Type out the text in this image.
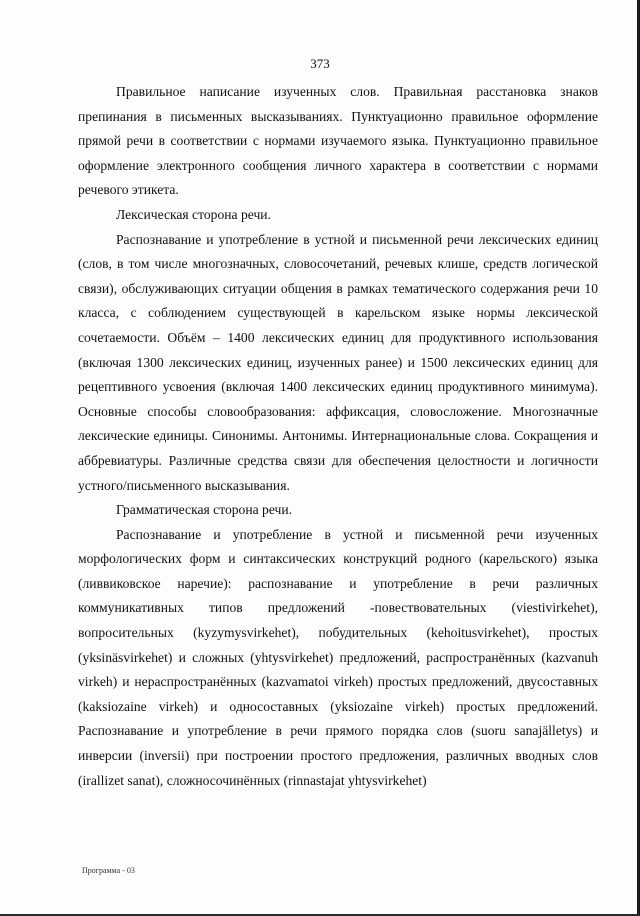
373

Правильное написание изученных слов. Правильная расстановка знаков препинания в письменных высказываниях. Пунктуационно правильное оформление прямой речи в соответствии с нормами изучаемого языка. Пунктуационно правильное оформление электронного сообщения личного характера в соответствии с нормами речевого этикета.

Лексическая сторона речи.

Распознавание и употребление в устной и письменной речи лексических единиц (слов, в том числе многозначных, словосочетаний, речевых клише, средств логической связи), обслуживающих ситуации общения в рамках тематического содержания речи 10 класса, с соблюдением существующей в карельском языке нормы лексической сочетаемости. Объём – 1400 лексических единиц для продуктивного использования (включая 1300 лексических единиц, изученных ранее) и 1500 лексических единиц для рецептивного усвоения (включая 1400 лексических единиц продуктивного минимума). Основные способы словообразования: аффиксация, словосложение. Многозначные лексические единицы. Синонимы. Антонимы. Интернациональные слова. Сокращения и аббревиатуры. Различные средства связи для обеспечения целостности и логичности устного/письменного высказывания.

Грамматическая сторона речи.

Распознавание и употребление в устной и письменной речи изученных морфологических форм и синтаксических конструкций родного (карельского) языка (ливвиковское наречие): распознавание и употребление в речи различных коммуникативных типов предложений -повествовательных (viestivirkehet), вопросительных (kyzymysvirkehet), побудительных (kehoitusvirkehet), простых (yksinäsvirkehet) и сложных (yhtysvirkehet) предложений, распространённых (kazvanuh virkeh) и нераспространённых (kazvamatoi virkeh) простых предложений, двусоставных (kaksiozaine virkeh) и односоставных (yksiozaine virkeh) простых предложений. Распознавание и употребление в речи прямого порядка слов (suoru sanajälletys) и инверсии (inversii) при построении простого предложения, различных вводных слов (irallizet sanat), сложносочинённых (rinnastajat yhtysvirkehet)

Программа - 03
